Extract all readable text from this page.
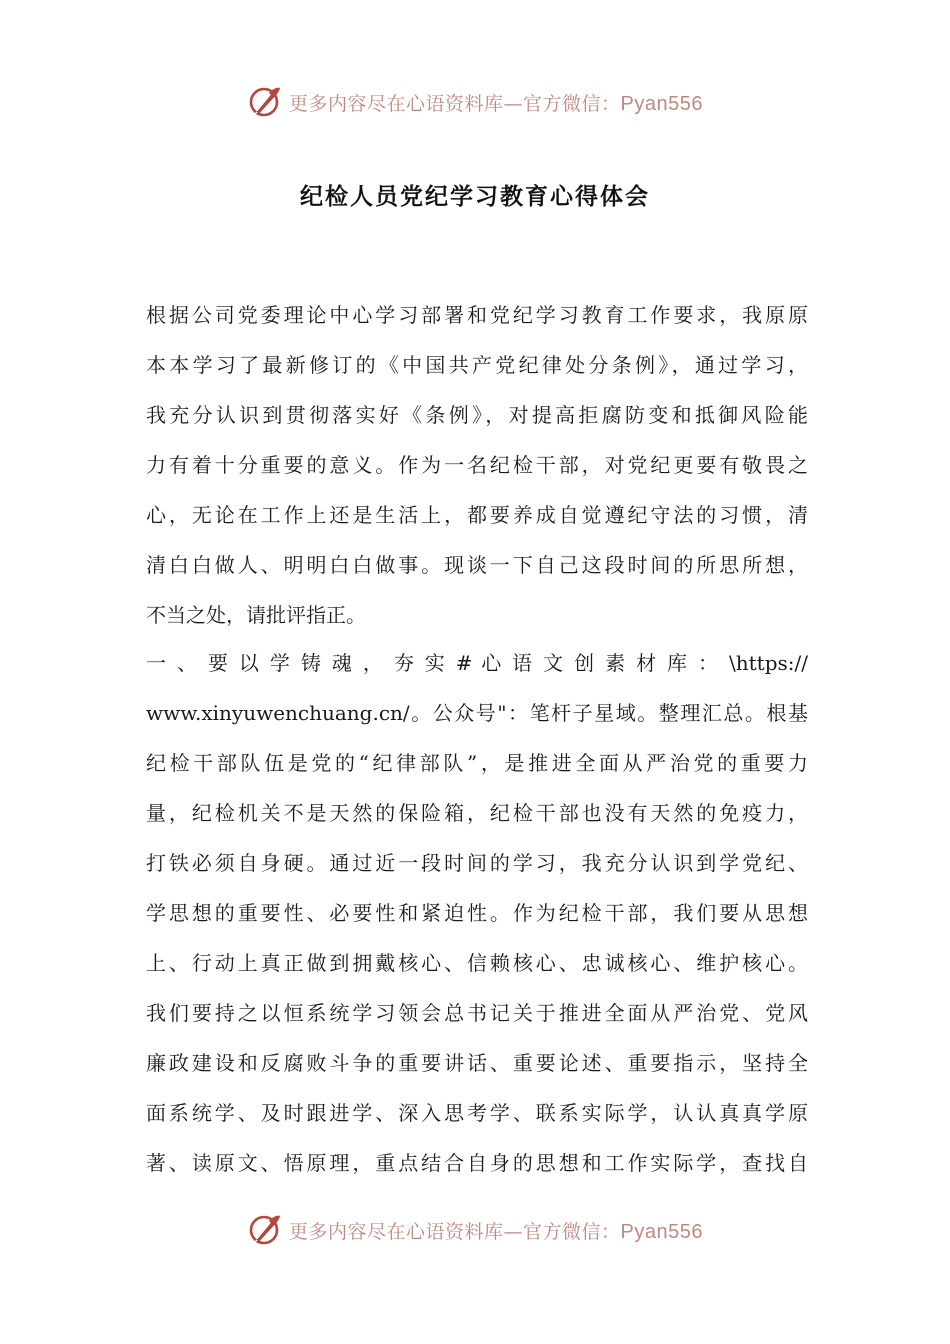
更多内容尽在心语资料库—官方微信：Pyan556
纪检人员党纪学习教育心得体会
根据公司党委理论中心学习部署和党纪学习教育工作要求，我原原
本本学习了最新修订的《中国共产党纪律处分条例》，通过学习，
我充分认识到贯彻落实好《条例》，对提高拒腐防变和抵御风险能
力有着十分重要的意义。作为一名纪检干部，对党纪更要有敬畏之
心，无论在工作上还是生活上，都要养成自觉遵纪守法的习惯，清
清白白做人、明明白白做事。现谈一下自己这段时间的所思所想，
不当之处，请批评指正。
一 、 要 以 学 铸 魂 ， 夯 实 # 心 语 文 创 素 材 库 ： \https://
www.xinyuwenchuang.cn/。公众号"：笔杆子星域。整理汇总。根基
纪检干部队伍是党的“纪律部队”，是推进全面从严治党的重要力
量，纪检机关不是天然的保险箱，纪检干部也没有天然的免疫力，
打铁必须自身硬。通过近一段时间的学习，我充分认识到学党纪、
学思想的重要性、必要性和紧迫性。作为纪检干部，我们要从思想
上、行动上真正做到拥戴核心、信赖核心、忠诚核心、维护核心。
我们要持之以恒系统学习领会总书记关于推进全面从严治党、党风
廉政建设和反腐败斗争的重要讲话、重要论述、重要指示，坚持全
面系统学、及时跟进学、深入思考学、联系实际学，认认真真学原
著、读原文、悟原理，重点结合自身的思想和工作实际学，查找自
更多内容尽在心语资料库—官方微信：Pyan556
